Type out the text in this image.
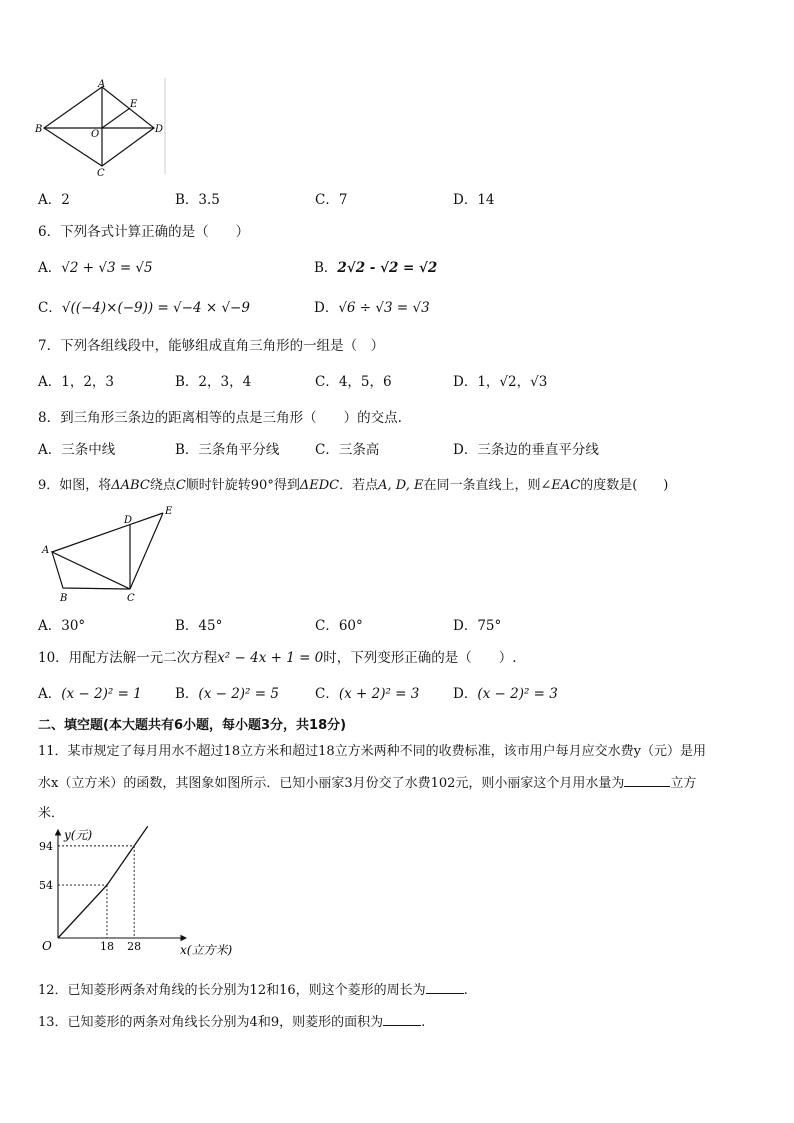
A
B
C
D
E
O
A．2	B．3.5	C．7	D．14
6．下列各式计算正确的是（　　）
A．√2 + √3 = √5	B．2√2 - √2 = √2
C．√((−4)×(−9)) = √−4 × √−9	D．√6 ÷ √3 = √3
7．下列各组线段中，能够组成直角三角形的一组是（　）
A．1，2，3	B．2，3，4	C．4，5，6	D．1，√2，√3
8．到三角形三条边的距离相等的点是三角形（　　）的交点.
A．三条中线	B．三条角平分线	C．三条高	D．三条边的垂直平分线
9．如图，将ΔABC绕点C顺时针旋转90°得到ΔEDC．若点A, D, E在同一条直线上，则∠EAC的度数是(　　)
A
B	C
D
E
A．30°	B．45°	C．60°	D．75°
10．用配方法解一元二次方程x² − 4x + 1 = 0时，下列变形正确的是（　　）.
A．(x − 2)² = 1 B．(x − 2)² = 5	C．(x + 2)² = 3 D．(x − 2)² = 3
二、填空题(本大题共有6小题，每小题3分，共18分)
11．某市规定了每月用水不超过18立方米和超过18立方米两种不同的收费标准，该市用户每月应交水费y（元）是用
水x（立方米）的函数，其图象如图所示．已知小丽家3月份交了水费102元，则小丽家这个月用水量为	立方
米．
y(元)
x(立方米)
O	18 28
54
94
12．已知菱形两条对角线的长分别为12和16，则这个菱形的周长为	.
13．已知菱形的两条对角线长分别为4和9，则菱形的面积为	.
